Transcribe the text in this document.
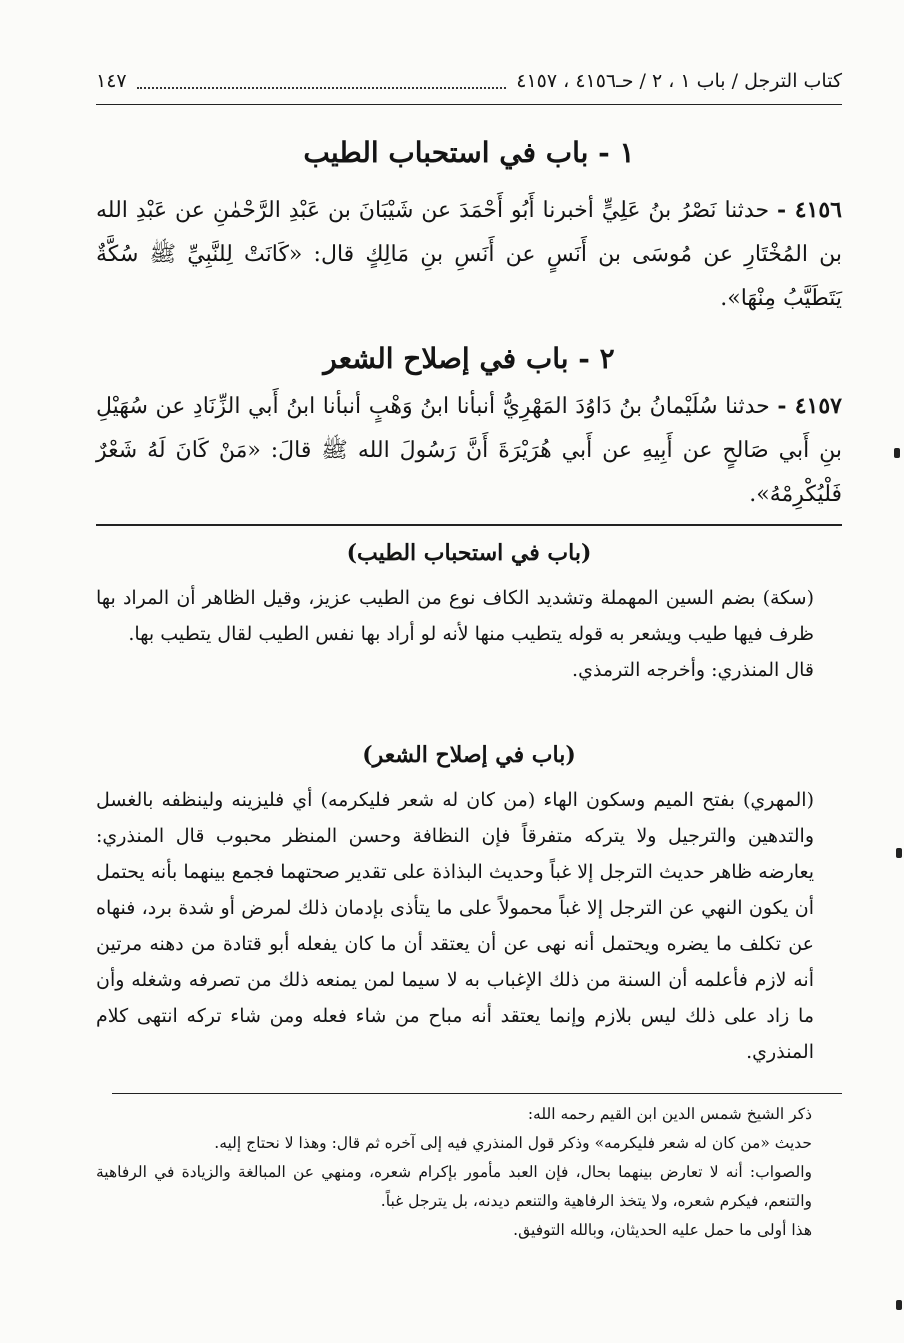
كتاب الترجل / باب ١ ، ٢ / حـ٤١٥٦ ، ٤١٥٧
١٤٧
١ - باب في استحباب الطيب
٤١٥٦ - حدثنا نَصْرُ بنُ عَلِيٍّ أخبرنا أَبُو أَحْمَدَ عن شَيْبَانَ بن عَبْدِ الرَّحْمٰنِ عن عَبْدِ الله بن المُخْتَارِ عن مُوسَى بن أَنَسٍ عن أَنَسِ بنِ مَالِكٍ قال: «كَانَتْ لِلنَّبِيِّ ﷺ سُكَّةٌ يَتَطَيَّبُ مِنْهَا».
٢ - باب في إصلاح الشعر
٤١٥٧ - حدثنا سُلَيْمانُ بنُ دَاوُدَ المَهْرِيُّ أنبأنا ابنُ وَهْبٍ أنبأنا ابنُ أَبي الزِّنَادِ عن سُهَيْلِ بنِ أَبي صَالحٍ عن أَبِيهِ عن أَبي هُرَيْرَةَ أَنَّ رَسُولَ الله ﷺ قالَ: «مَنْ كَانَ لَهُ شَعْرٌ فَلْيُكْرِمْهُ».
(باب في استحباب الطيب)

(سكة) بضم السين المهملة وتشديد الكاف نوع من الطيب عزيز، وقيل الظاهر أن المراد بها ظرف فيها طيب ويشعر به قوله يتطيب منها لأنه لو أراد بها نفس الطيب لقال يتطيب بها.

قال المنذري: وأخرجه الترمذي.

(باب في إصلاح الشعر)

(المهري) بفتح الميم وسكون الهاء (من كان له شعر فليكرمه) أي فليزينه ولينظفه بالغسل والتدهين والترجيل ولا يتركه متفرقاً فإن النظافة وحسن المنظر محبوب قال المنذري: يعارضه ظاهر حديث الترجل إلا غباً وحديث البذاذة على تقدير صحتهما فجمع بينهما بأنه يحتمل أن يكون النهي عن الترجل إلا غباً محمولاً على ما يتأذى بإدمان ذلك لمرض أو شدة برد، فنهاه عن تكلف ما يضره ويحتمل أنه نهى عن أن يعتقد أن ما كان يفعله أبو قتادة من دهنه مرتين أنه لازم فأعلمه أن السنة من ذلك الإغباب به لا سيما لمن يمنعه ذلك من تصرفه وشغله وأن ما زاد على ذلك ليس بلازم وإنما يعتقد أنه مباح من شاء فعله ومن شاء تركه انتهى كلام المنذري.

ذكر الشيخ شمس الدين ابن القيم رحمه الله:

حديث «من كان له شعر فليكرمه» وذكر قول المنذري فيه إلى آخره ثم قال: وهذا لا نحتاج إليه.

والصواب: أنه لا تعارض بينهما بحال، فإن العبد مأمور بإكرام شعره، ومنهي عن المبالغة والزيادة في الرفاهية والتنعم، فيكرم شعره، ولا يتخذ الرفاهية والتنعم ديدنه، بل يترجل غباً.

هذا أولى ما حمل عليه الحديثان، وبالله التوفيق.
